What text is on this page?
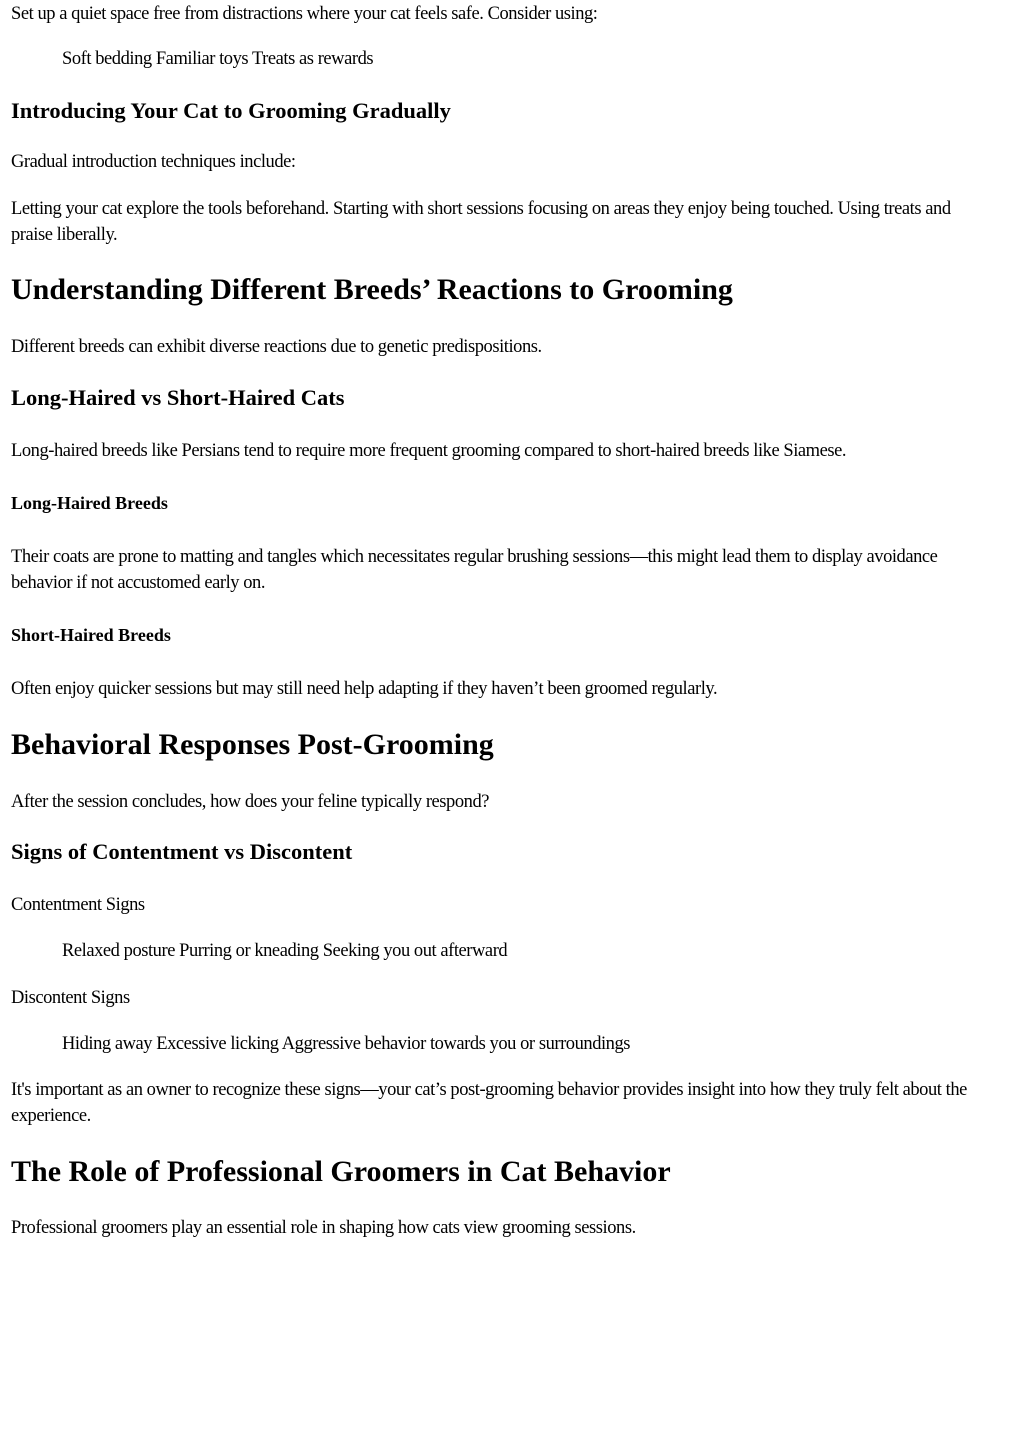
Set up a quiet space free from distractions where your cat feels safe. Consider using:

Soft bedding Familiar toys Treats as rewards

Introducing Your Cat to Grooming Gradually

Gradual introduction techniques include:

Letting your cat explore the tools beforehand. Starting with short sessions focusing on areas they enjoy being touched. Using treats and praise liberally.

Understanding Different Breeds’ Reactions to Grooming

Different breeds can exhibit diverse reactions due to genetic predispositions.

Long-Haired vs Short-Haired Cats

Long-haired breeds like Persians tend to require more frequent grooming compared to short-haired breeds like Siamese.

Long-Haired Breeds

Their coats are prone to matting and tangles which necessitates regular brushing sessions—this might lead them to display avoidance behavior if not accustomed early on.

Short-Haired Breeds

Often enjoy quicker sessions but may still need help adapting if they haven’t been groomed regularly.

Behavioral Responses Post-Grooming

After the session concludes, how does your feline typically respond?

Signs of Contentment vs Discontent

Contentment Signs

Relaxed posture Purring or kneading Seeking you out afterward

Discontent Signs

Hiding away Excessive licking Aggressive behavior towards you or surroundings

It's important as an owner to recognize these signs—your cat’s post-grooming behavior provides insight into how they truly felt about the experience.

The Role of Professional Groomers in Cat Behavior

Professional groomers play an essential role in shaping how cats view grooming sessions.
